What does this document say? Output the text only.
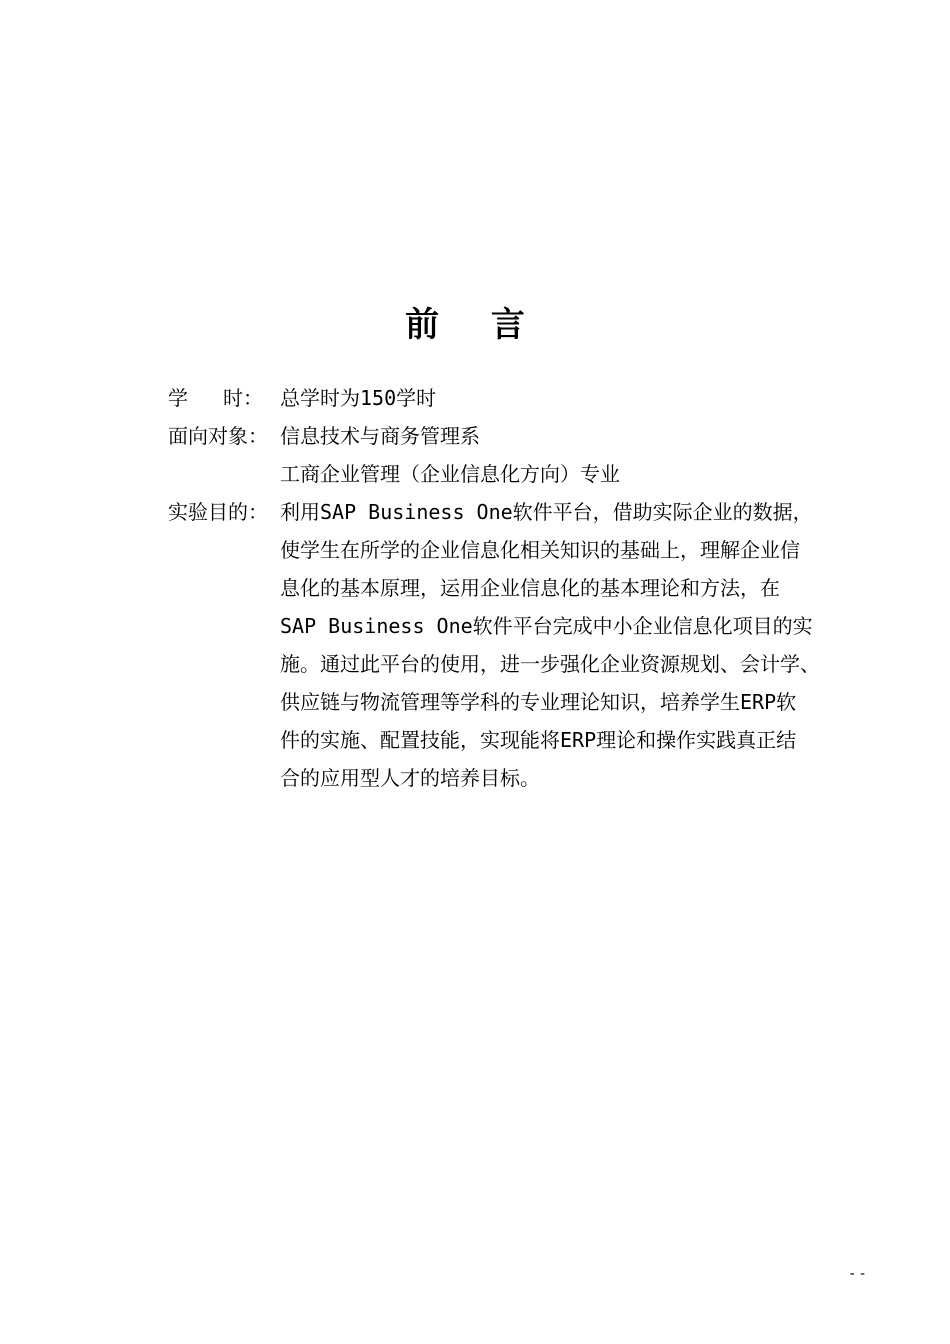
前 言
学 时： 总学时为150学时
面向对象： 信息技术与商务管理系
工商企业管理（企业信息化方向）专业
实验目的： 利用SAP Business One软件平台，借助实际企业的数据，
使学生在所学的企业信息化相关知识的基础上，理解企业信
息化的基本原理，运用企业信息化的基本理论和方法，在
SAP Business One软件平台完成中小企业信息化项目的实
施。通过此平台的使用，进一步强化企业资源规划、会计学、
供应链与物流管理等学科的专业理论知识，培养学生ERP软
件的实施、配置技能，实现能将ERP理论和操作实践真正结
合的应用型人才的培养目标。
--
